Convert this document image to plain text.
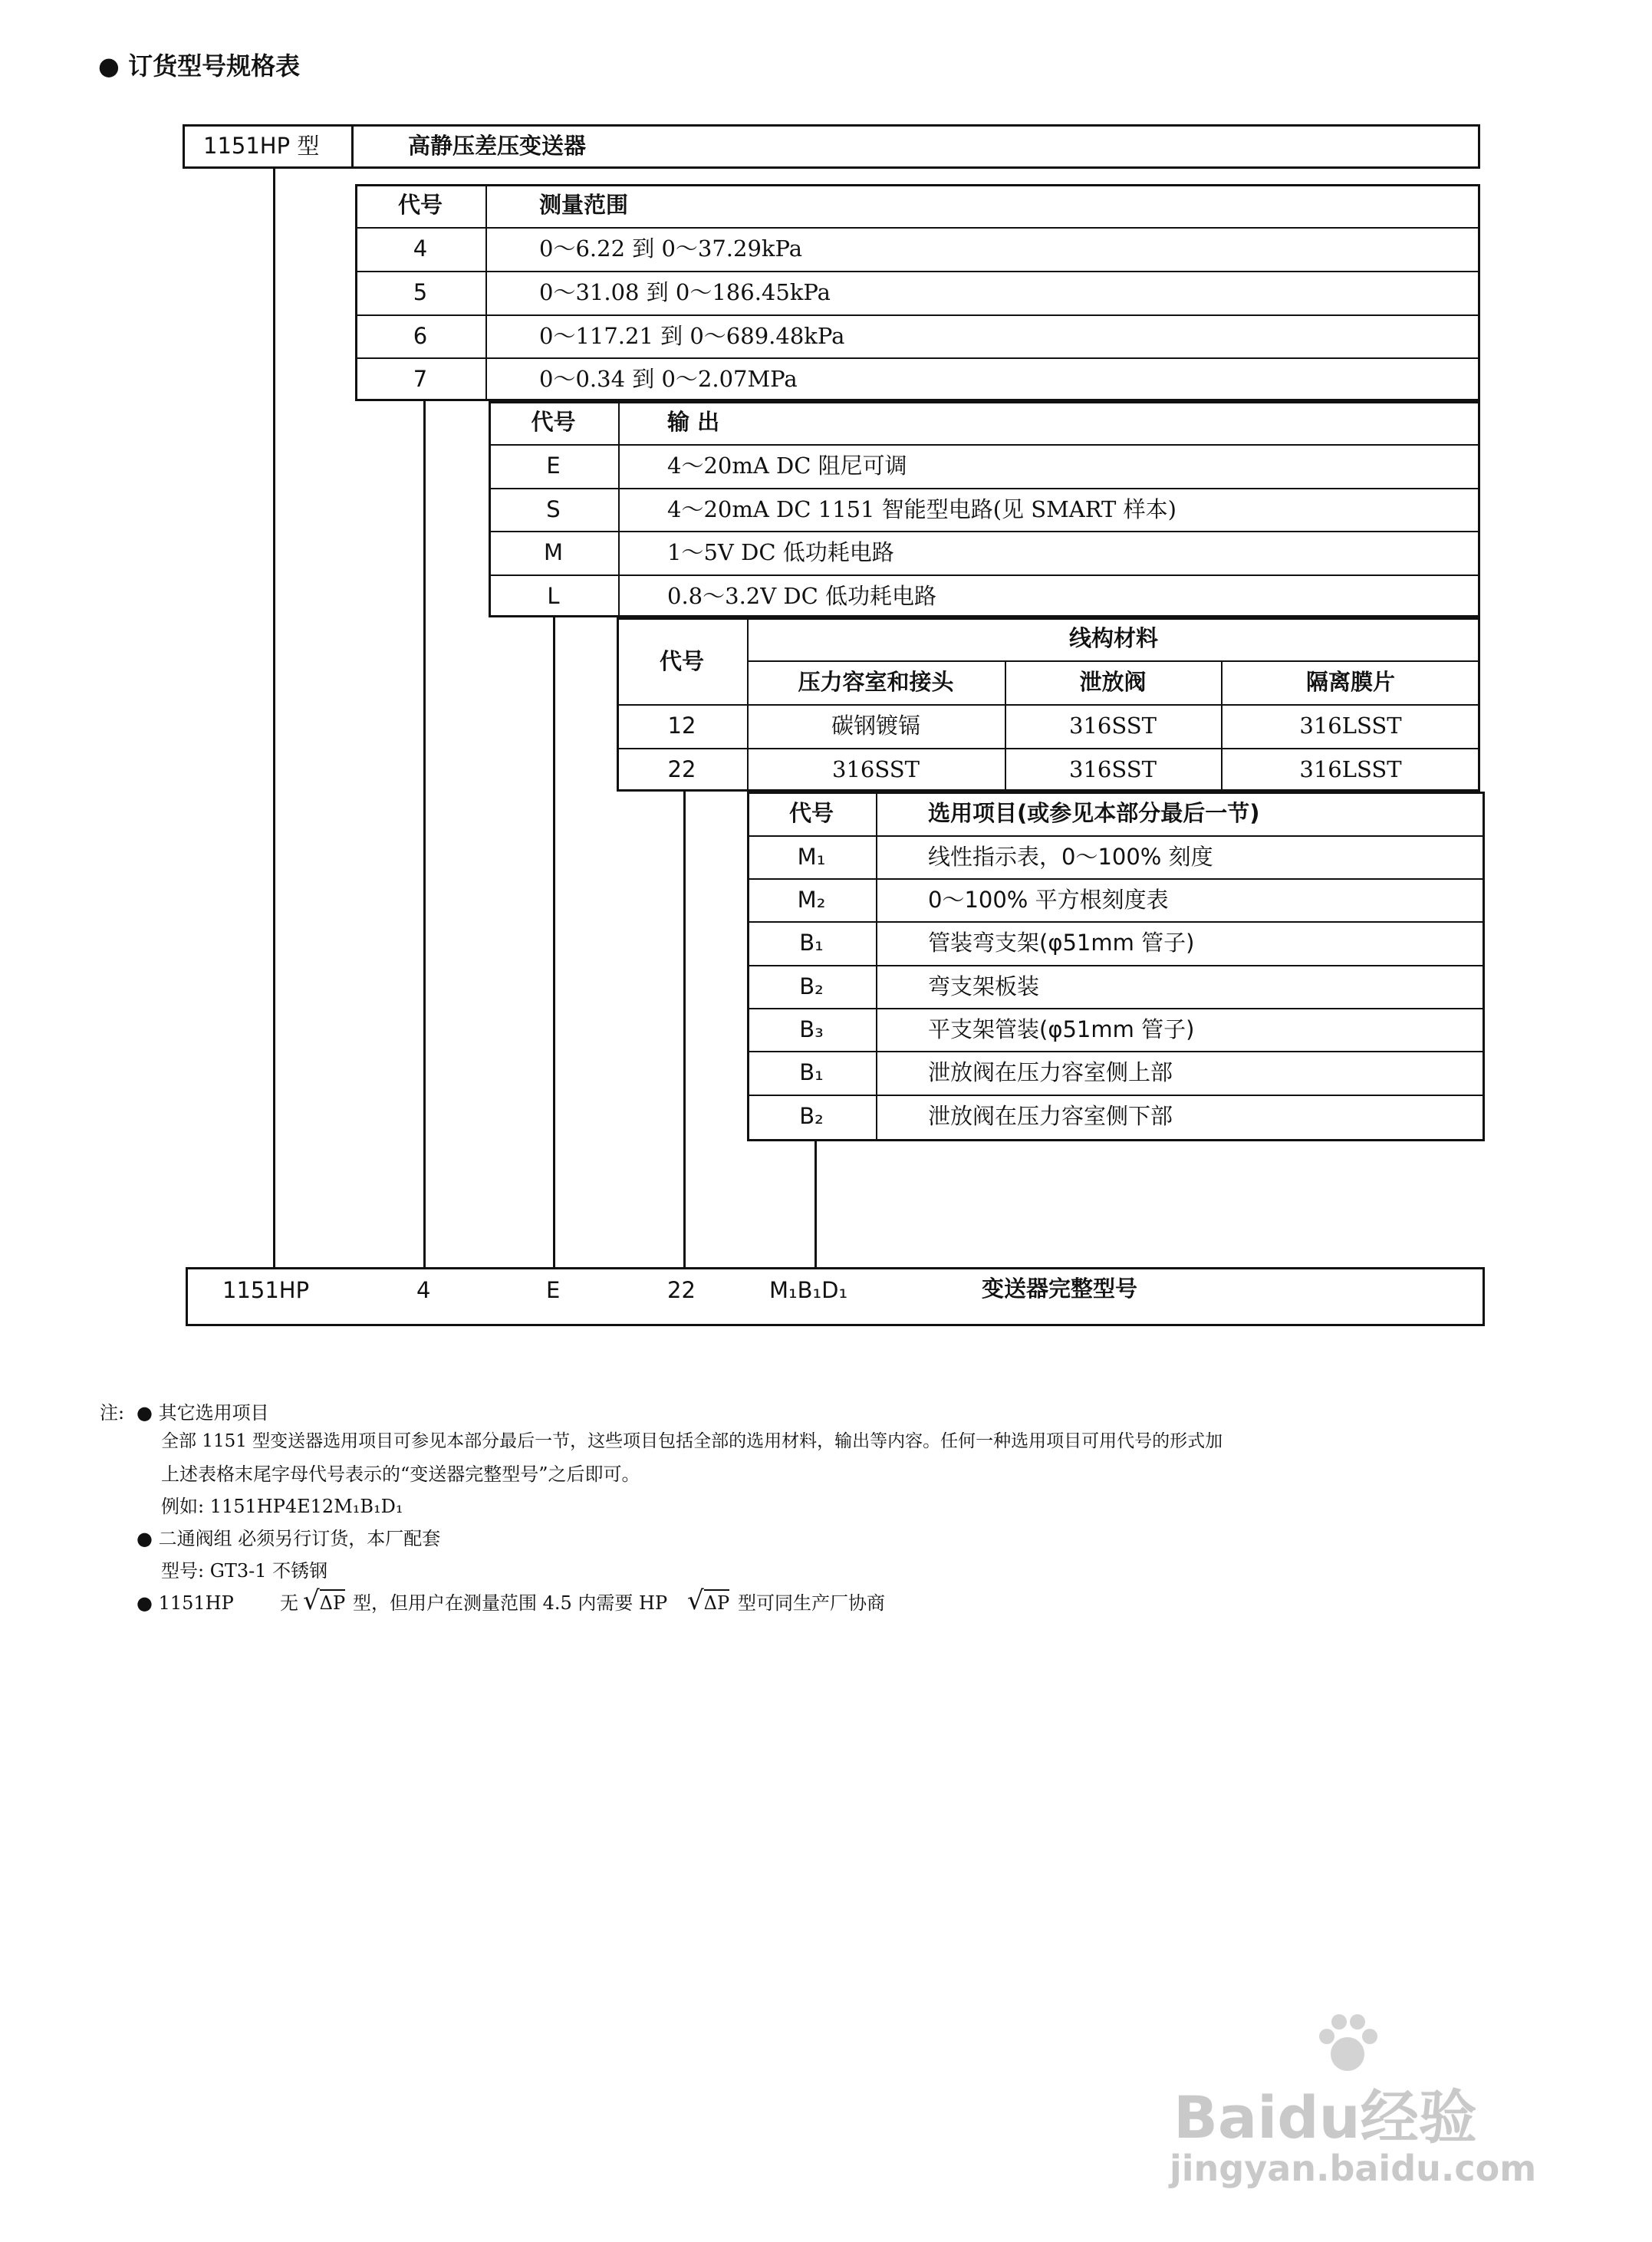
● 订货型号规格表
1151HP 型	高静压差压变送器
代号	测量范围
4	0～6.22 到 0～37.29kPa
5	0～31.08 到 0～186.45kPa
6	0～117.21 到 0～689.48kPa
7	0～0.34 到 0～2.07MPa
代号	输 出
E	4～20mA DC 阻尼可调
S	4～20mA DC 1151 智能型电路(见 SMART 样本)
M	1～5V DC 低功耗电路
L	0.8～3.2V DC 低功耗电路
代号
线构材料
压力容室和接头	泄放阀	隔离膜片
12	碳钢镀镉	316SST	316LSST
22	316SST	316SST	316LSST
代号	选用项目(或参见本部分最后一节)
M₁	线性指示表，0～100% 刻度
M₂	0～100% 平方根刻度表
B₁	管装弯支架(φ51mm 管子)
B₂	弯支架板装
B₃	平支架管装(φ51mm 管子)
B₁	泄放阀在压力容室侧上部
B₂	泄放阀在压力容室侧下部
1151HP	4	E	22	M₁B₁D₁	变送器完整型号
注: ● 其它选用项目
全部 1151 型变送器选用项目可参见本部分最后一节，这些项目包括全部的选用材料，输出等内容。任何一种选用项目可用代号的形式加
上述表格末尾字母代号表示的“变送器完整型号”之后即可。
例如: 1151HP4E12M₁B₁D₁
● 二通阀组 必须另行订货，本厂配套
型号: GT3-1 不锈钢
● 1151HP	无 √ΔP 型，但用户在测量范围 4.5 内需要 HP √ΔP 型可同生产厂协商
Baidu经验
jingyan.baidu.com
